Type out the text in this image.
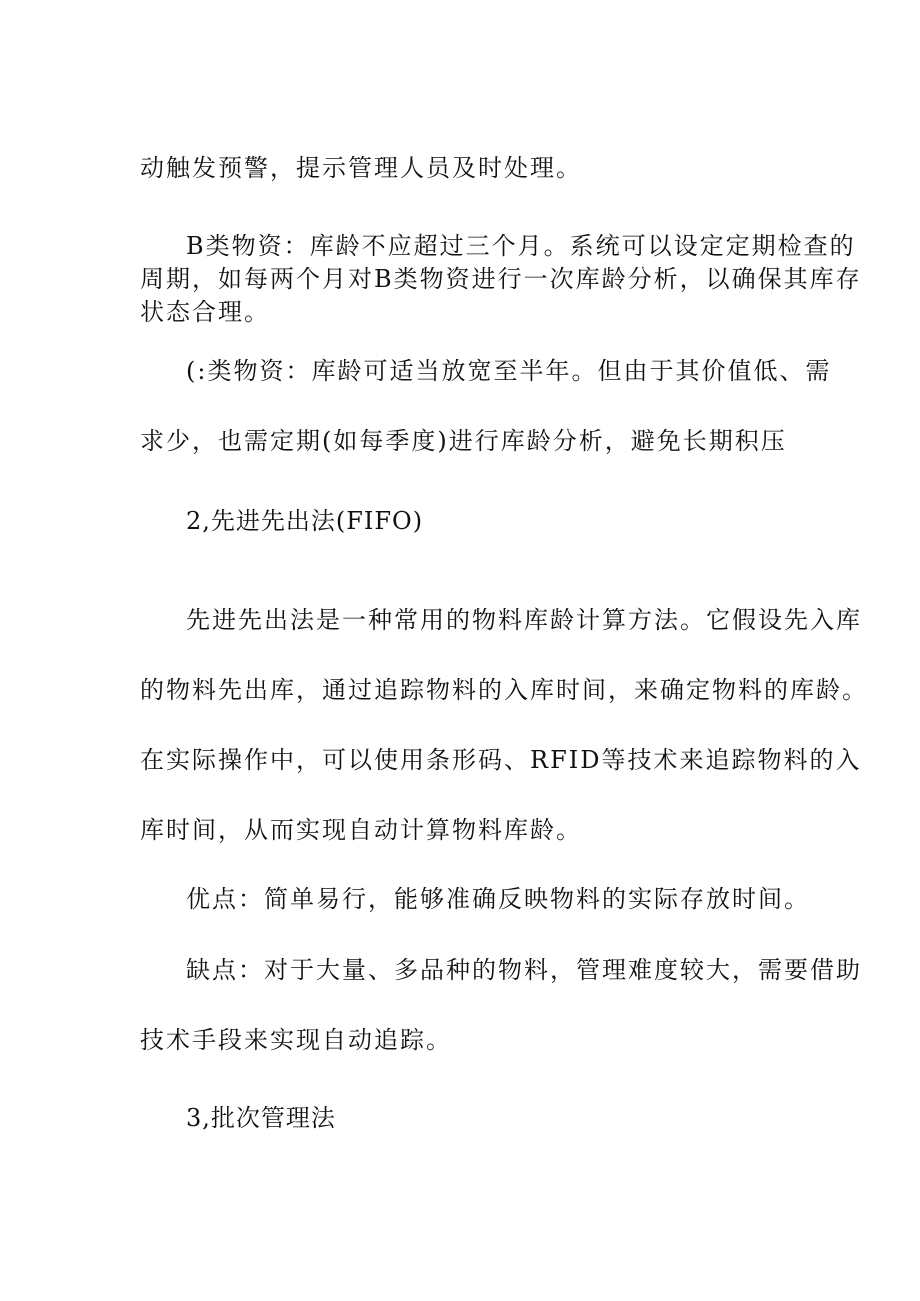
动触发预警，提示管理人员及时处理。
B类物资：库龄不应超过三个月。系统可以设定定期检查的
周期，如每两个月对B类物资进行一次库龄分析，以确保其库存
状态合理。
(:类物资：库龄可适当放宽至半年。但由于其价值低、需
求少，也需定期(如每季度)进行库龄分析，避免长期积压
2,先进先出法(FIFO)
先进先出法是一种常用的物料库龄计算方法。它假设先入库
的物料先出库，通过追踪物料的入库时间，来确定物料的库龄。
在实际操作中，可以使用条形码、RFID等技术来追踪物料的入
库时间，从而实现自动计算物料库龄。
优点：简单易行，能够准确反映物料的实际存放时间。
缺点：对于大量、多品种的物料，管理难度较大，需要借助
技术手段来实现自动追踪。
3,批次管理法
